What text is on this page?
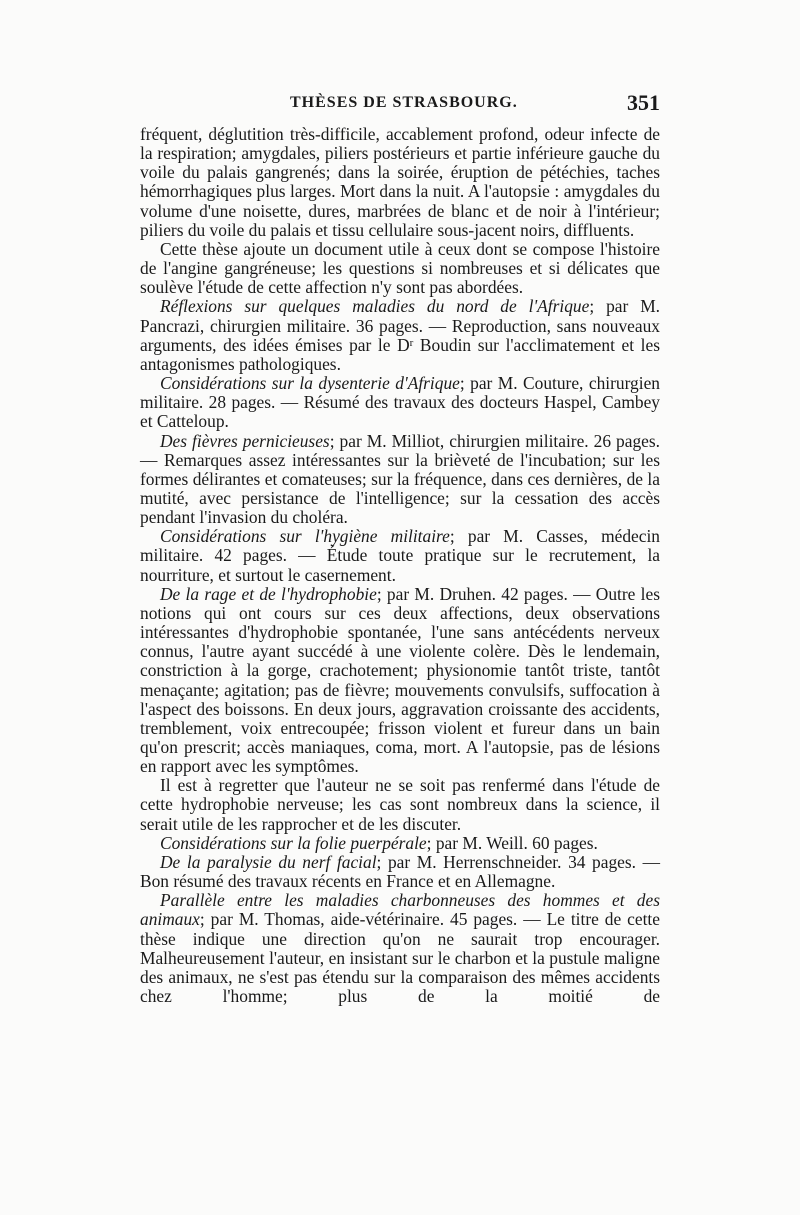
THÈSES DE STRASBOURG.	351

fréquent, déglutition très-difficile, accablement profond, odeur infecte de la respiration; amygdales, piliers postérieurs et partie inférieure gauche du voile du palais gangrenés; dans la soirée, éruption de pétéchies, taches hémorrhagiques plus larges. Mort dans la nuit. A l'autopsie : amygdales du volume d'une noisette, dures, marbrées de blanc et de noir à l'intérieur; piliers du voile du palais et tissu cellulaire sous-jacent noirs, diffluents.

Cette thèse ajoute un document utile à ceux dont se compose l'histoire de l'angine gangréneuse; les questions si nombreuses et si délicates que soulève l'étude de cette affection n'y sont pas abordées.

Réflexions sur quelques maladies du nord de l'Afrique; par M. Pancrazi, chirurgien militaire. 36 pages. — Reproduction, sans nouveaux arguments, des idées émises par le $D^r$ Boudin sur l'acclimatement et les antagonismes pathologiques.

Considérations sur la dysenterie d'Afrique; par M. Couture, chirurgien militaire. 28 pages. — Résumé des travaux des docteurs Haspel, Cambey et Catteloup.

Des fièvres pernicieuses; par M. Milliot, chirurgien militaire. 26 pages. — Remarques assez intéressantes sur la brièveté de l'incubation; sur les formes délirantes et comateuses; sur la fréquence, dans ces dernières, de la mutité, avec persistance de l'intelligence; sur la cessation des accès pendant l'invasion du choléra.

Considérations sur l'hygiène militaire; par M. Casses, médecin militaire. 42 pages. — Étude toute pratique sur le recrutement, la nourriture, et surtout le casernement.

De la rage et de l'hydrophobie; par M. Druhen. 42 pages. — Outre les notions qui ont cours sur ces deux affections, deux observations intéressantes d'hydrophobie spontanée, l'une sans antécédents nerveux connus, l'autre ayant succédé à une violente colère. Dès le lendemain, constriction à la gorge, crachotement; physionomie tantôt triste, tantôt menaçante; agitation; pas de fièvre; mouvements convulsifs, suffocation à l'aspect des boissons. En deux jours, aggravation croissante des accidents, tremblement, voix entrecoupée; frisson violent et fureur dans un bain qu'on prescrit; accès maniaques, coma, mort. A l'autopsie, pas de lésions en rapport avec les symptômes.

Il est à regretter que l'auteur ne se soit pas renfermé dans l'étude de cette hydrophobie nerveuse; les cas sont nombreux dans la science, il serait utile de les rapprocher et de les discuter.

Considérations sur la folie puerpérale; par M. Weill. 60 pages.

De la paralysie du nerf facial; par M. Herrenschneider. 34 pages. — Bon résumé des travaux récents en France et en Allemagne.

Parallèle entre les maladies charbonneuses des hommes et des animaux; par M. Thomas, aide-vétérinaire. 45 pages. — Le titre de cette thèse indique une direction qu'on ne saurait trop encourager. Malheureusement l'auteur, en insistant sur le charbon et la pustule maligne des animaux, ne s'est pas étendu sur la comparaison des mêmes accidents chez l'homme; plus de la moitié de
